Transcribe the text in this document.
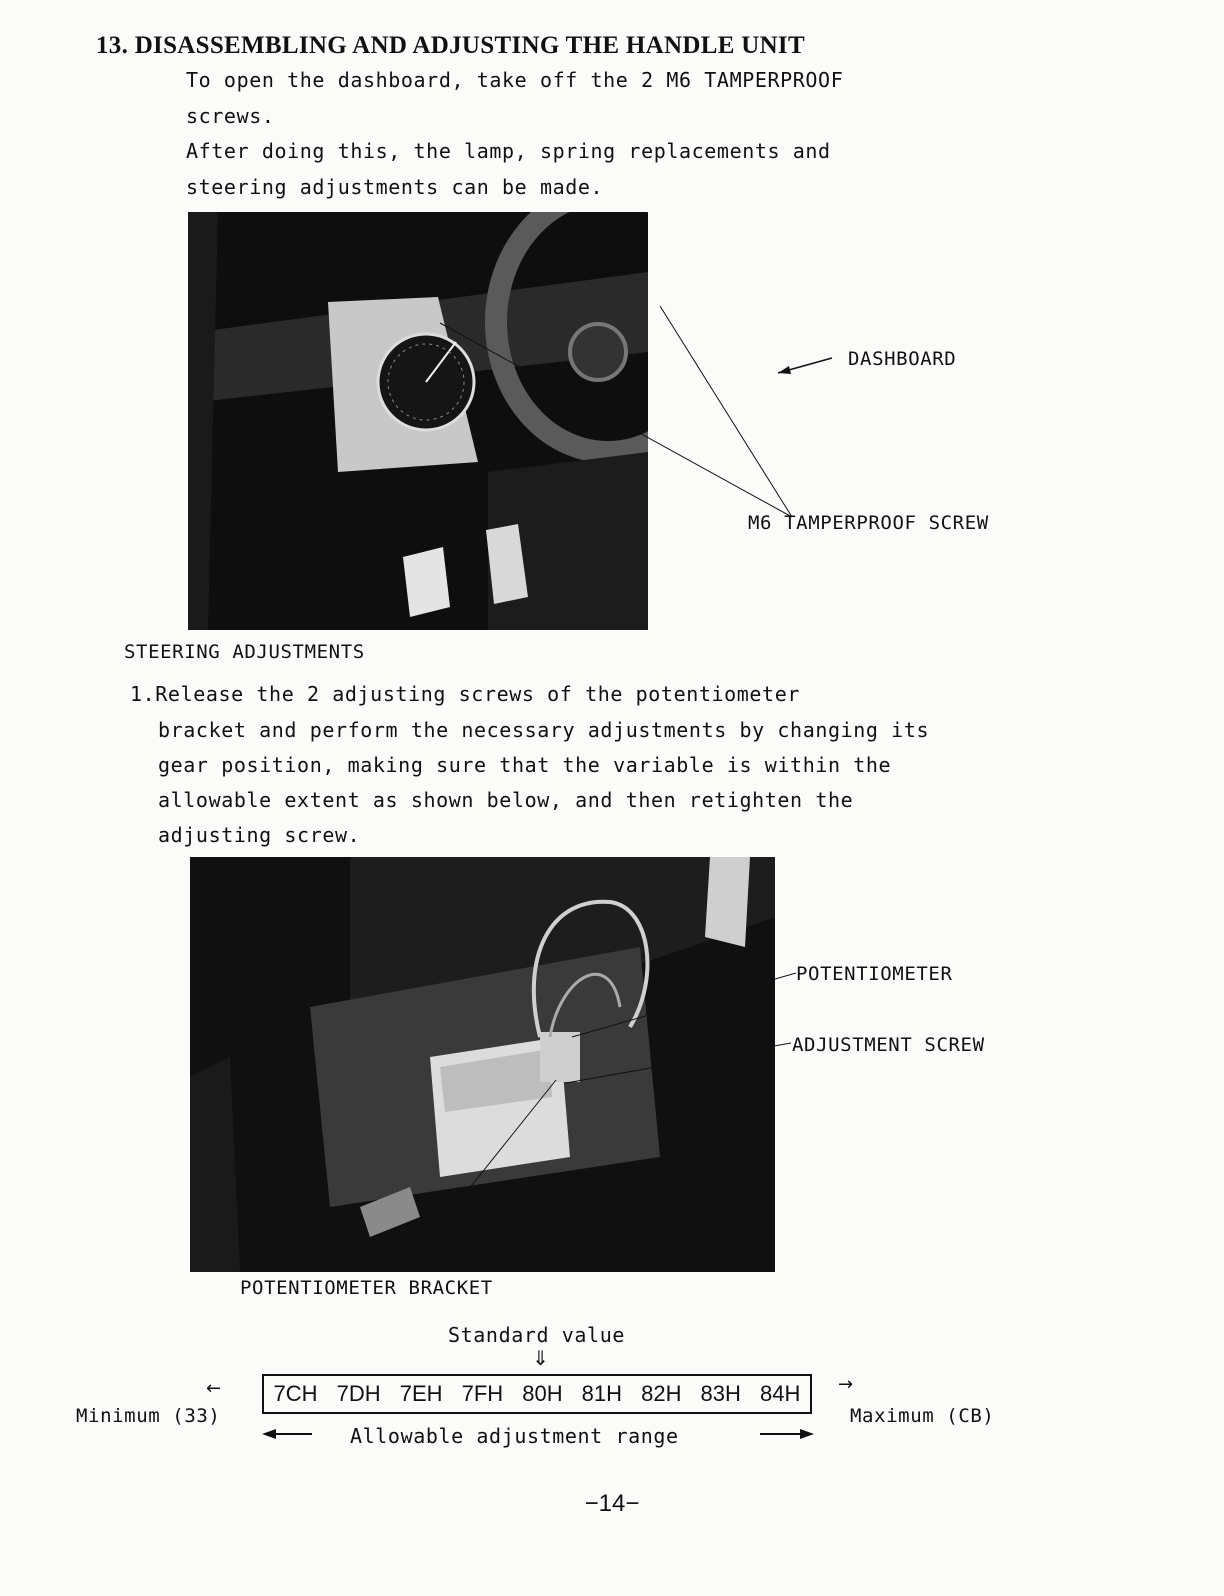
13. DISASSEMBLING AND ADJUSTING THE HANDLE UNIT
To open the dashboard, take off the 2 M6 TAMPERPROOF
screws.
After doing this, the lamp, spring replacements and
steering adjustments can be made.
DASHBOARD
M6 TAMPERPROOF SCREW
STEERING ADJUSTMENTS
1.Release the 2 adjusting screws of the potentiometer
bracket and perform the necessary adjustments by changing its
gear position, making sure that the variable is within the
allowable extent as shown below, and then retighten the
adjusting screw.
POTENTIOMETER
ADJUSTMENT SCREW
POTENTIOMETER BRACKET
Standard value
⇓
←
Minimum (33)
7CH 7DH 7EH 7FH 80H 81H 82H 83H 84H →
Maximum (CB)
Allowable adjustment range
−14−
